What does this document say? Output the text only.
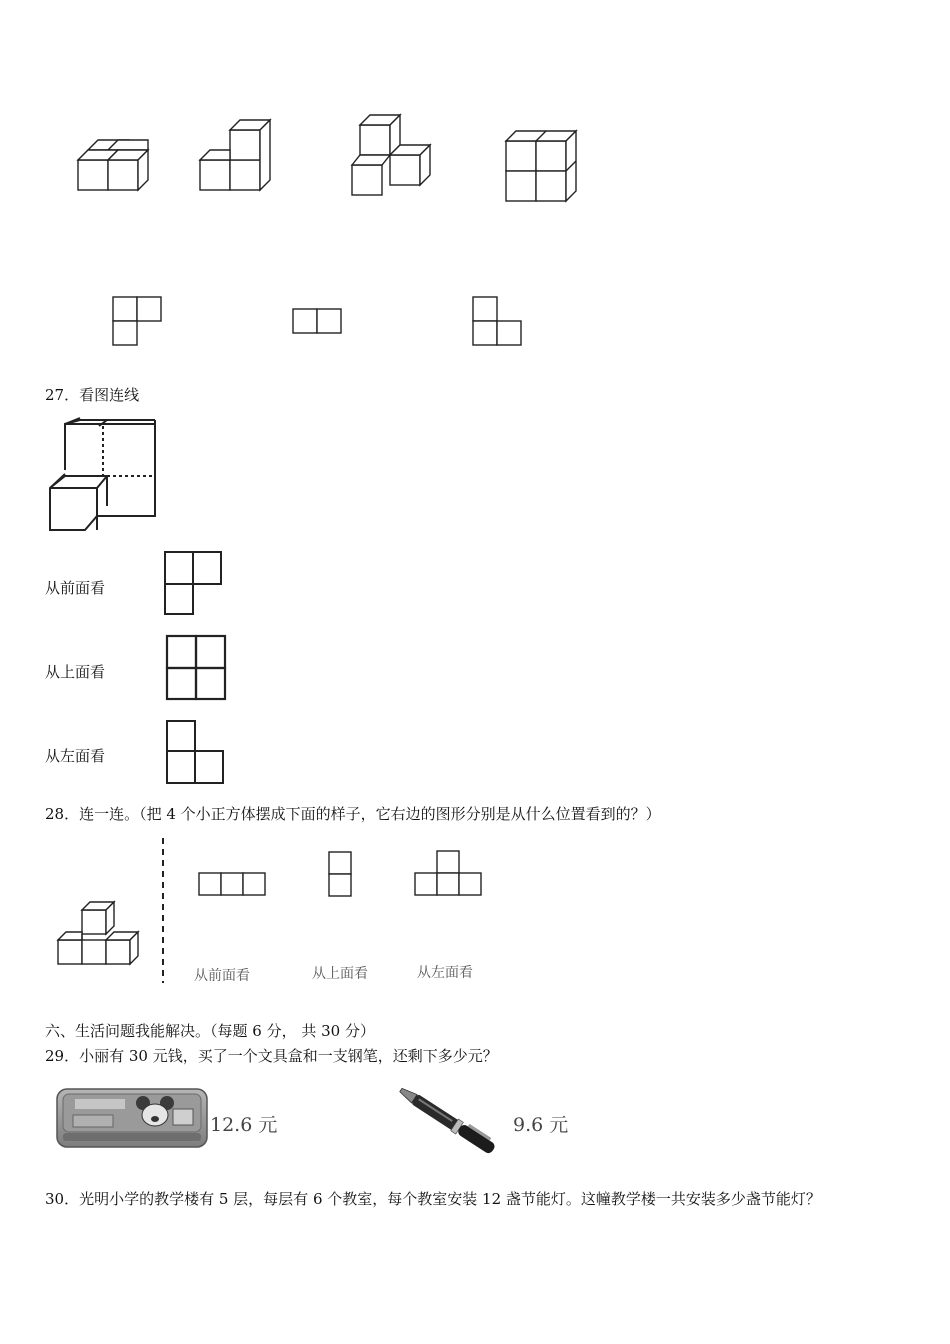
27．看图连线
从前面看
从上面看
从左面看
28．连一连。（把 4 个小正方体摆成下面的样子，它右边的图形分别是从什么位置看到的？）
从前面看	从上面看	从左面看
六、生活问题我能解决。（每题 6 分， 共 30 分）
29．小丽有 30 元钱，买了一个文具盒和一支钢笔，还剩下多少元？
12.6 元	9.6 元
30．光明小学的教学楼有 5 层，每层有 6 个教室，每个教室安装 12 盏节能灯。这幢教学楼一共安装多少盏节能灯？
